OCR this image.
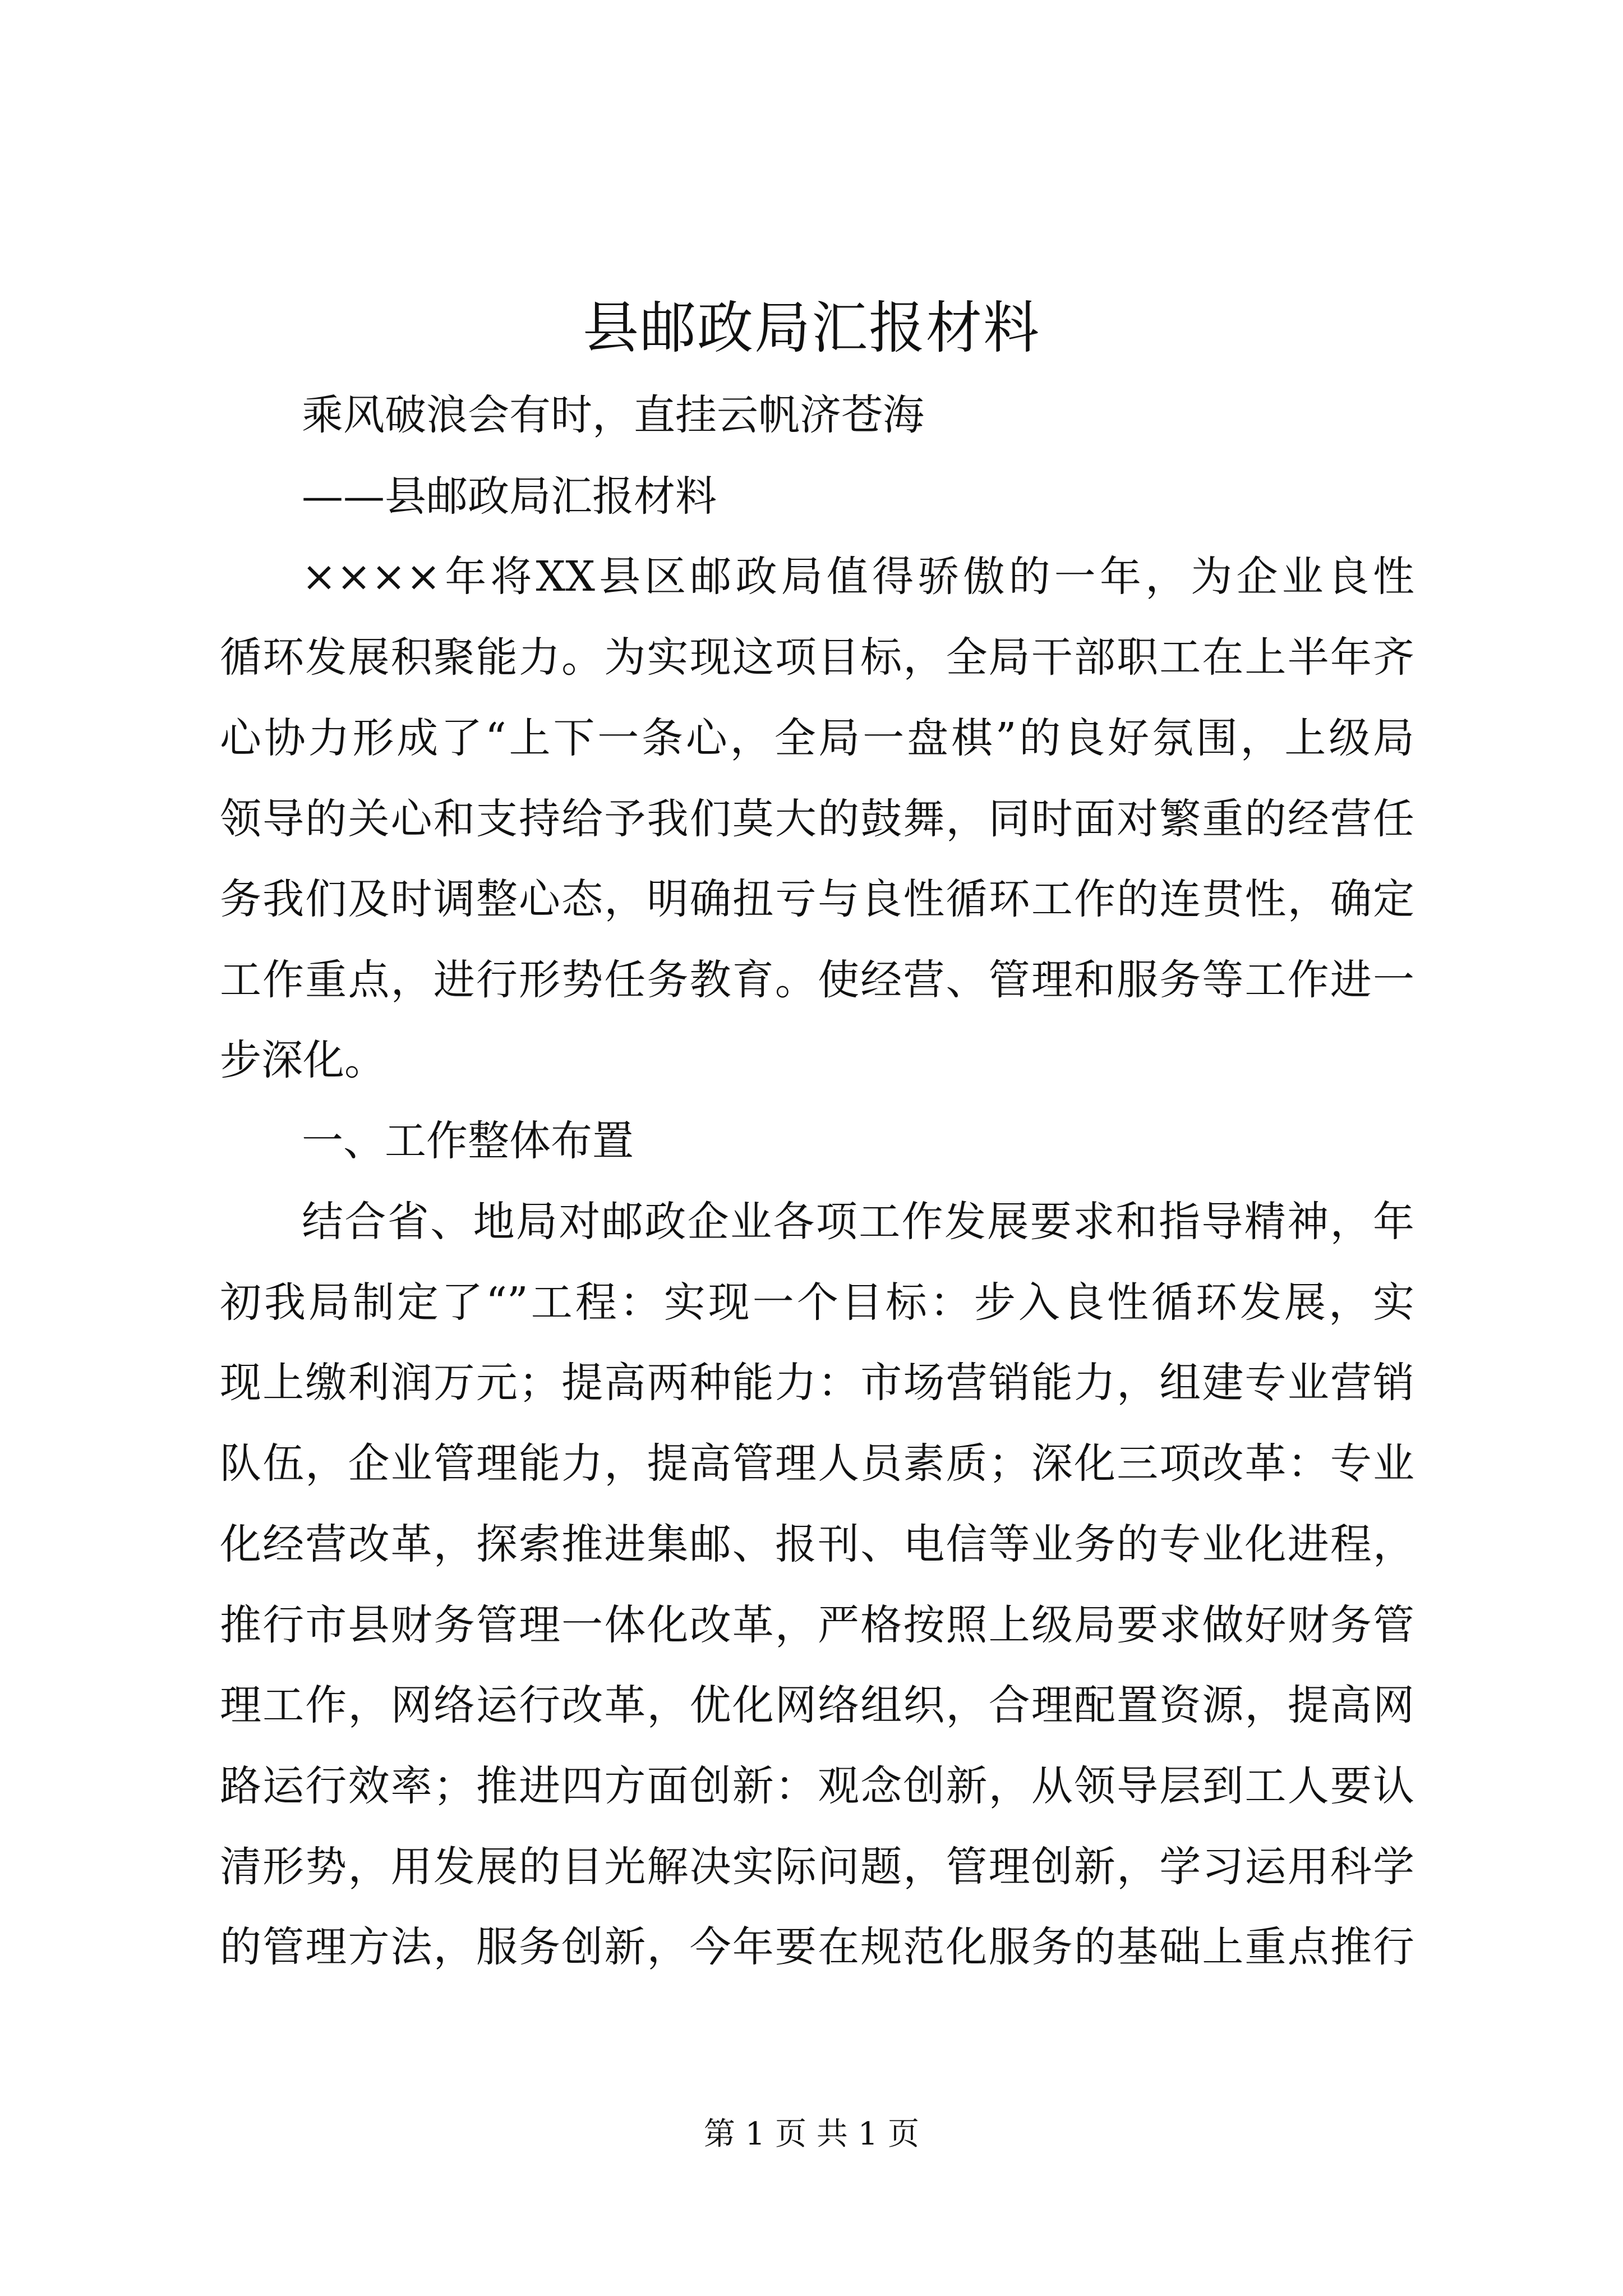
县邮政局汇报材料
乘风破浪会有时，直挂云帆济苍海
——县邮政局汇报材料
××××年将XX县区邮政局值得骄傲的一年，为企业良性
循环发展积聚能力。为实现这项目标，全局干部职工在上半年齐
心协力形成了“上下一条心，全局一盘棋”的良好氛围，上级局
领导的关心和支持给予我们莫大的鼓舞，同时面对繁重的经营任
务我们及时调整心态，明确扭亏与良性循环工作的连贯性，确定
工作重点，进行形势任务教育。使经营、管理和服务等工作进一
步深化。
一、工作整体布置
结合省、地局对邮政企业各项工作发展要求和指导精神，年
初我局制定了“”工程：实现一个目标：步入良性循环发展，实
现上缴利润万元；提高两种能力：市场营销能力，组建专业营销
队伍，企业管理能力，提高管理人员素质；深化三项改革：专业
化经营改革，探索推进集邮、报刊、电信等业务的专业化进程，
推行市县财务管理一体化改革，严格按照上级局要求做好财务管
理工作，网络运行改革，优化网络组织，合理配置资源，提高网
路运行效率；推进四方面创新：观念创新，从领导层到工人要认
清形势，用发展的目光解决实际问题，管理创新，学习运用科学
的管理方法，服务创新，今年要在规范化服务的基础上重点推行
第 1 页 共 1 页
